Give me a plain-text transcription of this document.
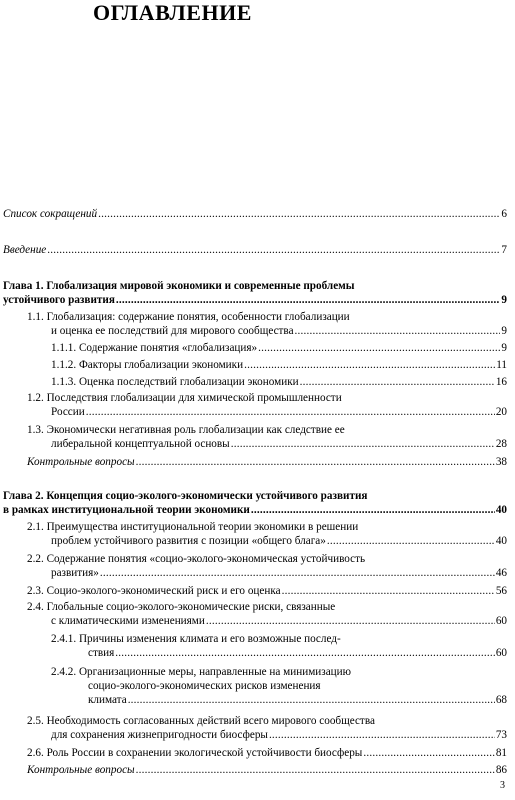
ОГЛАВЛЕНИЕ
Список сокращений .....	6
Введение .....	7
Глава 1. Глобализация мировой экономики и современные проблемы
устойчивого развития .....	9
1.1. Глобализация: содержание понятия, особенности глобализации
и оценка ее последствий для мирового сообщества .....	9
1.1.1. Содержание понятия «глобализация» .....	9
1.1.2. Факторы глобализации экономики .....	11
1.1.3. Оценка последствий глобализации экономики .....	16
1.2. Последствия глобализации для химической промышленности
России .....	20
1.3. Экономически негативная роль глобализации как следствие ее
либеральной концептуальной основы .....	28
Контрольные вопросы .....	38
Глава 2. Концепция социо-эколого-экономически устойчивого развития
в рамках институциональной теории экономики .....	40
2.1. Преимущества институциональной теории экономики в решении
проблем устойчивого развития с позиции «общего блага» .....	40
2.2. Содержание понятия «социо-эколого-экономическая устойчивость
развития» .....	46
2.3. Социо-эколого-экономический риск и его оценка .....	56
2.4. Глобальные социо-эколого-экономические риски, связанные
с климатическими изменениями .....	60
2.4.1. Причины изменения климата и его возможные послед-
ствия .....	60
2.4.2. Организационные меры, направленные на минимизацию
социо-эколого-экономических рисков изменения
климата .....	68
2.5. Необходимость согласованных действий всего мирового сообщества
для сохранения жизнепригодности биосферы .....	73
2.6. Роль России в сохранении экологической устойчивости биосферы .....	81
Контрольные вопросы .....	86
3
